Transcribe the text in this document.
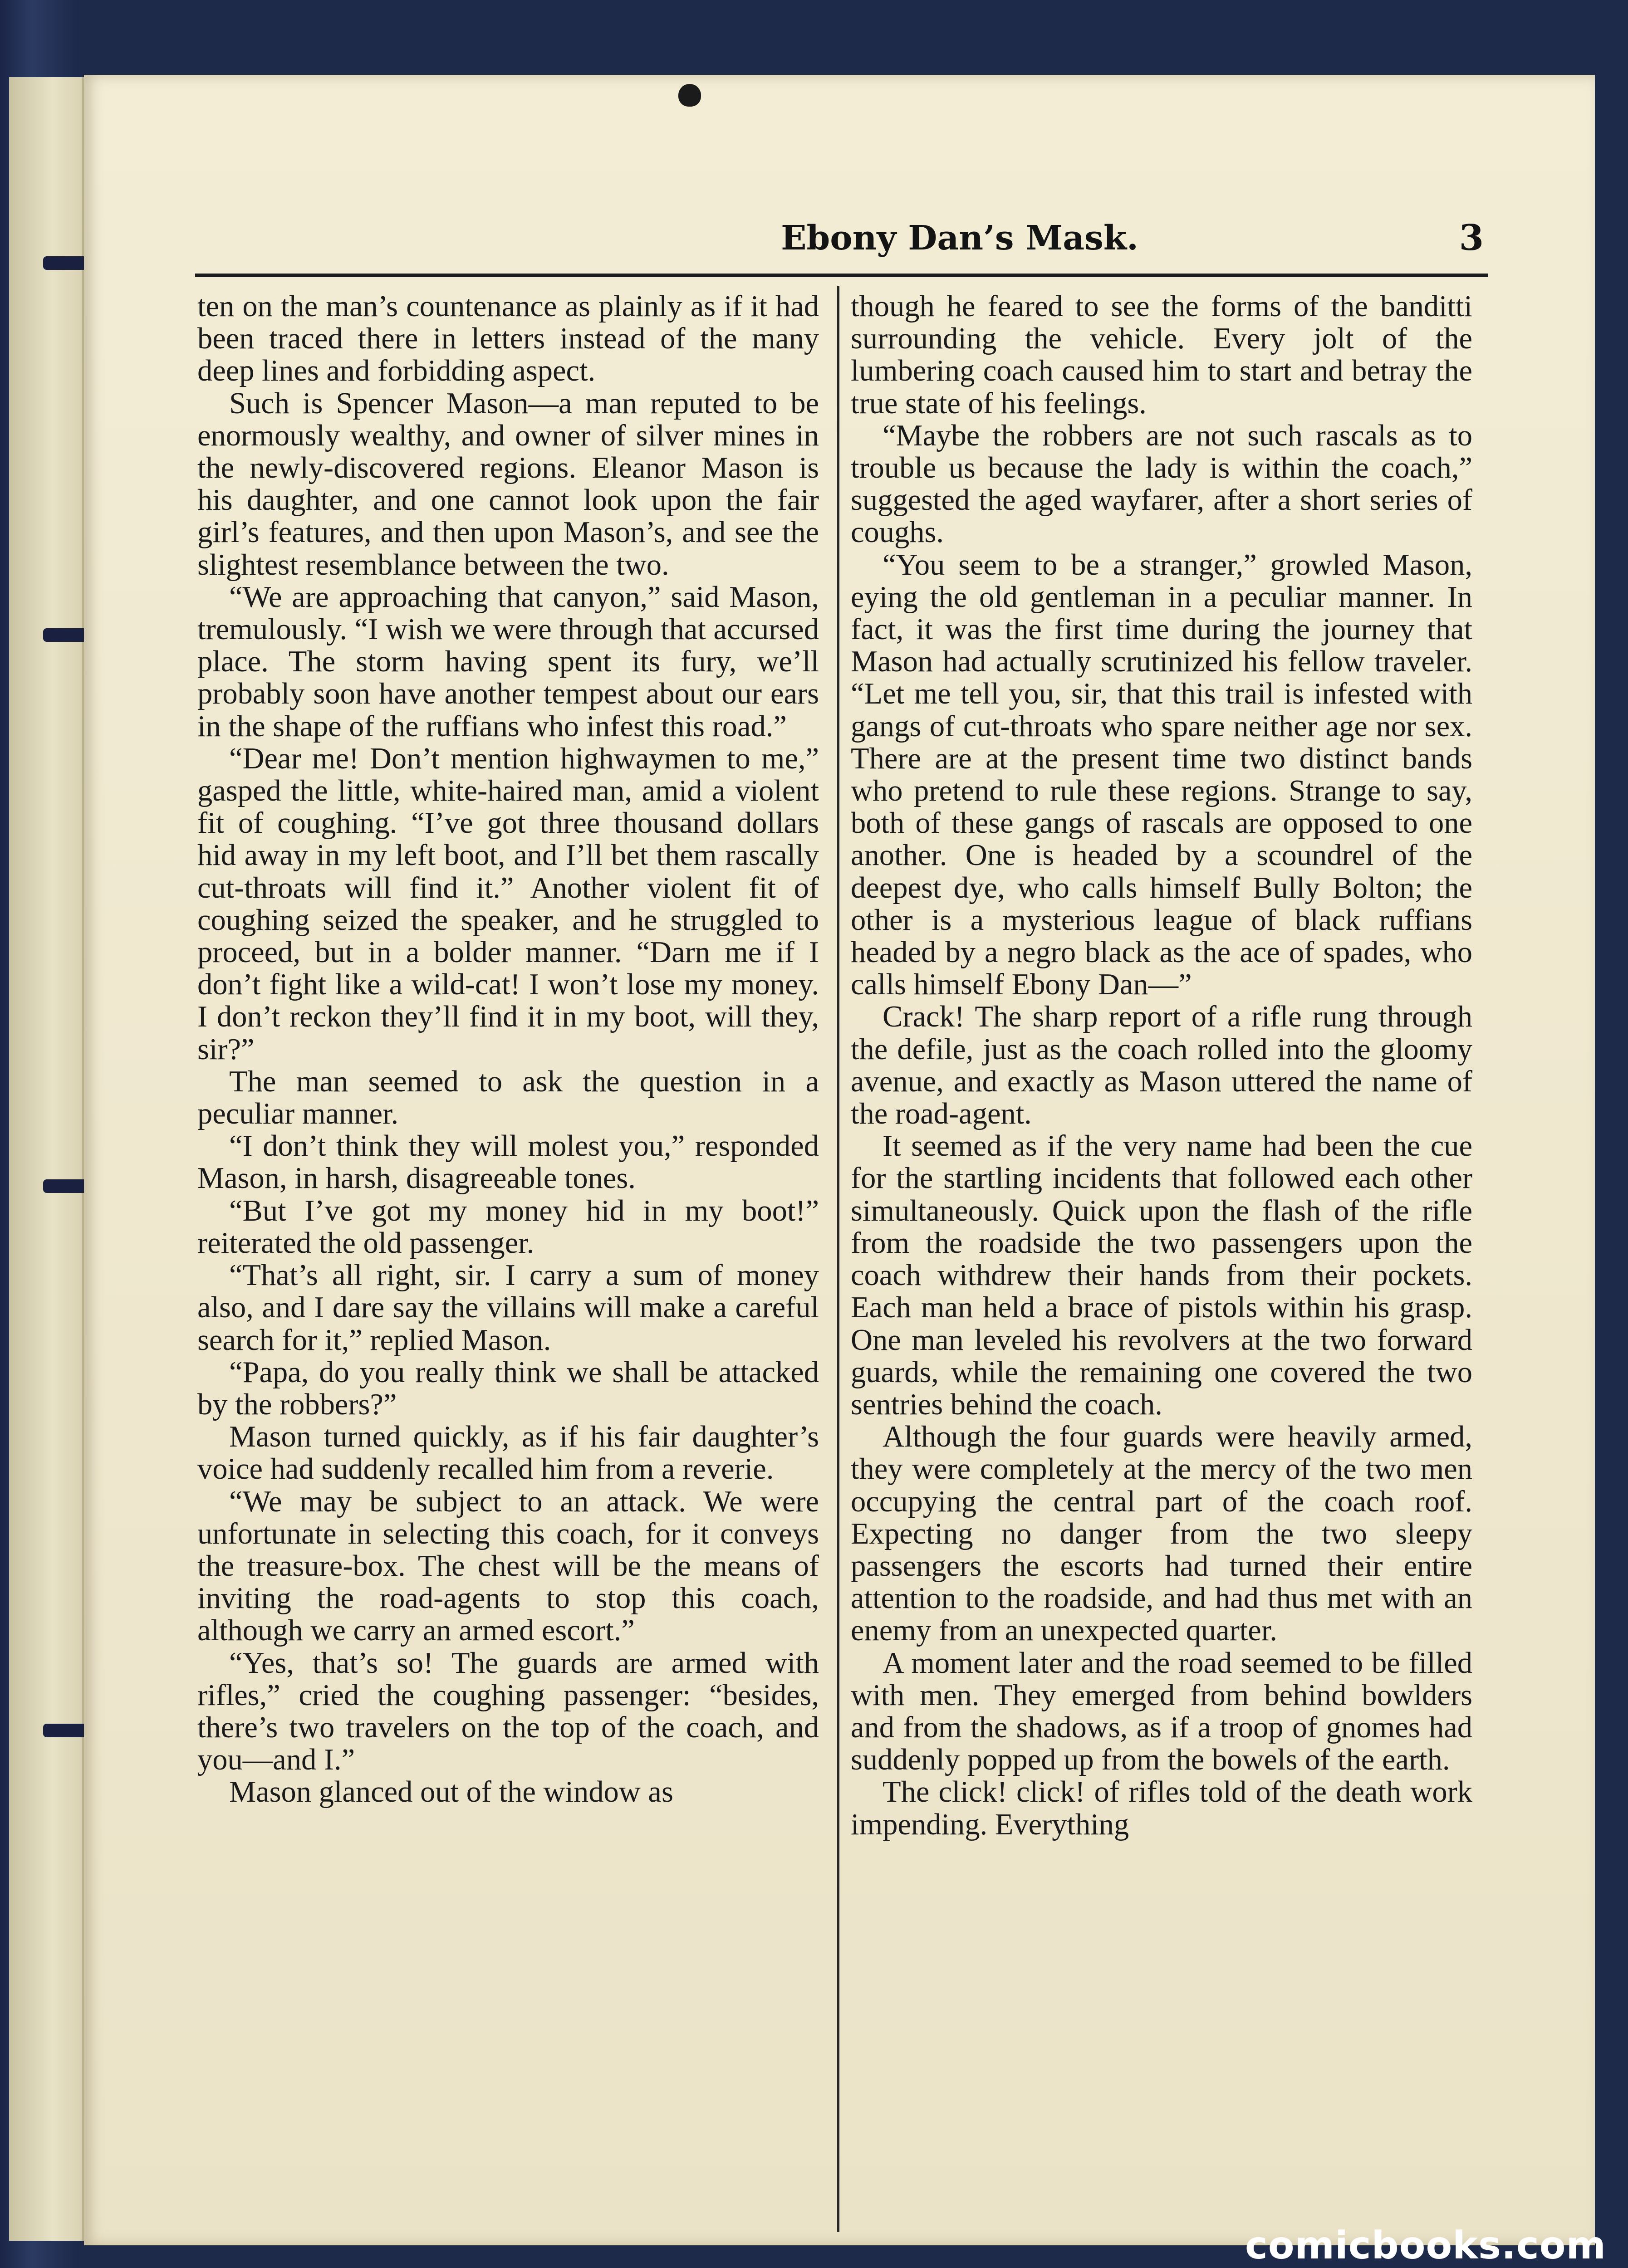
Ebony Dan’s Mask.	3

ten on the man’s countenance as plainly as if it had been traced there in letters instead of the many deep lines and forbidding aspect.

Such is Spencer Mason—a man reputed to be enormously wealthy, and owner of silver mines in the newly-discovered regions. Eleanor Mason is his daughter, and one cannot look upon the fair girl’s features, and then upon Mason’s, and see the slightest resemblance between the two.

“We are approaching that canyon,” said Mason, tremulously. “I wish we were through that accursed place. The storm having spent its fury, we’ll probably soon have another tempest about our ears in the shape of the ruffians who infest this road.”

“Dear me! Don’t mention highwaymen to me,” gasped the little, white-haired man, amid a violent fit of coughing. “I’ve got three thousand dollars hid away in my left boot, and I’ll bet them rascally cut-throats will find it.” Another violent fit of coughing seized the speaker, and he struggled to proceed, but in a bolder manner. “Darn me if I don’t fight like a wild-cat! I won’t lose my money. I don’t reckon they’ll find it in my boot, will they, sir?”

The man seemed to ask the question in a peculiar manner.

“I don’t think they will molest you,” responded Mason, in harsh, disagreeable tones.

“But I’ve got my money hid in my boot!” reiterated the old passenger.

“That’s all right, sir. I carry a sum of money also, and I dare say the villains will make a careful search for it,” replied Mason.

“Papa, do you really think we shall be attacked by the robbers?”

Mason turned quickly, as if his fair daughter’s voice had suddenly recalled him from a reverie.

“We may be subject to an attack. We were unfortunate in selecting this coach, for it conveys the treasure-box. The chest will be the means of inviting the road-agents to stop this coach, although we carry an armed escort.”

“Yes, that’s so! The guards are armed with rifles,” cried the coughing passenger: “besides, there’s two travelers on the top of the coach, and you—and I.”

Mason glanced out of the window as

though he feared to see the forms of the banditti surrounding the vehicle. Every jolt of the lumbering coach caused him to start and betray the true state of his feelings.

“Maybe the robbers are not such rascals as to trouble us because the lady is within the coach,” suggested the aged wayfarer, after a short series of coughs.

“You seem to be a stranger,” growled Mason, eying the old gentleman in a peculiar manner. In fact, it was the first time during the journey that Mason had actually scrutinized his fellow traveler. “Let me tell you, sir, that this trail is infested with gangs of cut-throats who spare neither age nor sex. There are at the present time two distinct bands who pretend to rule these regions. Strange to say, both of these gangs of rascals are opposed to one another. One is headed by a scoundrel of the deepest dye, who calls himself Bully Bolton; the other is a mysterious league of black ruffians headed by a negro black as the ace of spades, who calls himself Ebony Dan—”

Crack! The sharp report of a rifle rung through the defile, just as the coach rolled into the gloomy avenue, and exactly as Mason uttered the name of the road-agent.

It seemed as if the very name had been the cue for the startling incidents that followed each other simultaneously. Quick upon the flash of the rifle from the roadside the two passengers upon the coach withdrew their hands from their pockets. Each man held a brace of pistols within his grasp. One man leveled his revolvers at the two forward guards, while the remaining one covered the two sentries behind the coach.

Although the four guards were heavily armed, they were completely at the mercy of the two men occupying the central part of the coach roof. Expecting no danger from the two sleepy passengers the escorts had turned their entire attention to the roadside, and had thus met with an enemy from an unexpected quarter.

A moment later and the road seemed to be filled with men. They emerged from behind bowlders and from the shadows, as if a troop of gnomes had suddenly popped up from the bowels of the earth.

The click! click! of rifles told of the death work impending. Everything

comicbooks.com
